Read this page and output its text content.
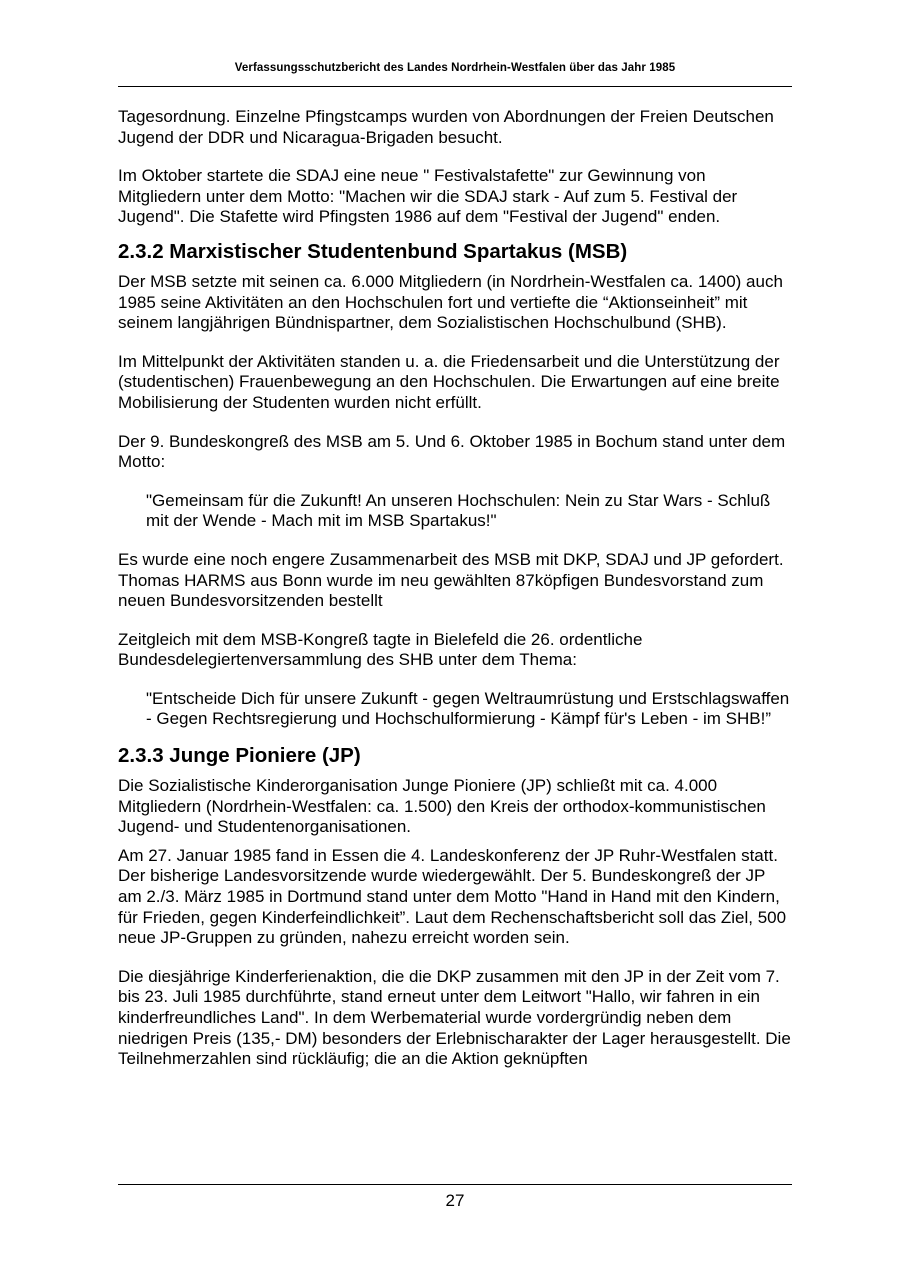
Verfassungsschutzbericht des Landes Nordrhein-Westfalen über das Jahr 1985

Tagesordnung. Einzelne Pfingstcamps wurden von Abordnungen der Freien Deutschen Jugend der DDR und Nicaragua-Brigaden besucht.

Im Oktober startete die SDAJ eine neue " Festivalstafette" zur Gewinnung von Mitgliedern unter dem Motto: "Machen wir die SDAJ stark - Auf zum 5. Festival der Jugend". Die Stafette wird Pfingsten 1986 auf dem "Festival der Jugend" enden.

2.3.2 Marxistischer Studentenbund Spartakus (MSB)

Der MSB setzte mit seinen ca. 6.000 Mitgliedern (in Nordrhein-Westfalen ca. 1400) auch 1985 seine Aktivitäten an den Hochschulen fort und vertiefte die “Aktionseinheit” mit seinem langjährigen Bündnispartner, dem Sozialistischen Hochschulbund (SHB).

Im Mittelpunkt der Aktivitäten standen u. a. die Friedensarbeit und die Unterstützung der (studentischen) Frauenbewegung an den Hochschulen. Die Erwartungen auf eine breite Mobilisierung der Studenten wurden nicht erfüllt.

Der 9. Bundeskongreß des MSB am 5. Und 6. Oktober 1985 in Bochum stand unter dem Motto:

"Gemeinsam für die Zukunft! An unseren Hochschulen: Nein zu Star Wars - Schluß mit der Wende - Mach mit im MSB Spartakus!"

Es wurde eine noch engere Zusammenarbeit des MSB mit DKP, SDAJ und JP gefordert. Thomas HARMS aus Bonn wurde im neu gewählten 87köpfigen Bundesvorstand zum neuen Bundesvorsitzenden bestellt

Zeitgleich mit dem MSB-Kongreß tagte in Bielefeld die 26. ordentliche Bundesdelegiertenversammlung des SHB unter dem Thema:

"Entscheide Dich für unsere Zukunft - gegen Weltraumrüstung und Erstschlagswaffen - Gegen Rechtsregierung und Hochschulformierung - Kämpf für's Leben - im SHB!”

2.3.3 Junge Pioniere (JP)

Die Sozialistische Kinderorganisation Junge Pioniere (JP) schließt mit ca. 4.000 Mitgliedern (Nordrhein-Westfalen: ca. 1.500) den Kreis der orthodox-kommunistischen Jugend- und Studentenorganisationen.

Am 27. Januar 1985 fand in Essen die 4. Landeskonferenz der JP Ruhr-Westfalen statt. Der bisherige Landesvorsitzende wurde wiedergewählt. Der 5. Bundeskongreß der JP am 2./3. März 1985 in Dortmund stand unter dem Motto "Hand in Hand mit den Kindern, für Frieden, gegen Kinderfeindlichkeit”. Laut dem Rechenschaftsbericht soll das Ziel, 500 neue JP-Gruppen zu gründen, nahezu erreicht worden sein.

Die diesjährige Kinderferienaktion, die die DKP zusammen mit den JP in der Zeit vom 7. bis 23. Juli 1985 durchführte, stand erneut unter dem Leitwort "Hallo, wir fahren in ein kinderfreundliches Land". In dem Werbematerial wurde vordergründig neben dem niedrigen Preis (135,- DM) besonders der Erlebnischarakter der Lager herausgestellt. Die Teilnehmerzahlen sind rückläufig; die an die Aktion geknüpften

27
